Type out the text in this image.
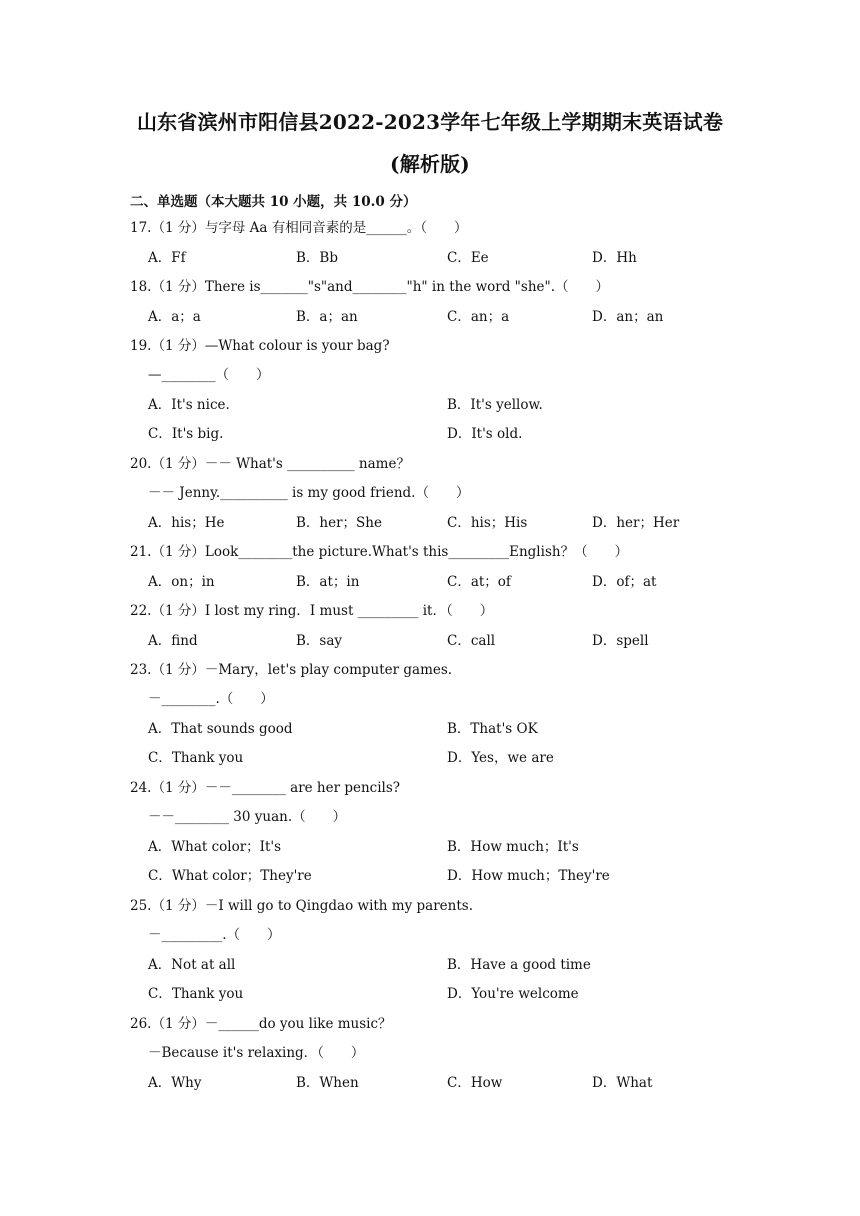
山东省滨州市阳信县2022-2023学年七年级上学期期末英语试卷
(解析版)
二、单选题（本大题共 10 小题，共 10.0 分）
17.（1 分）与字母 Aa 有相同音素的是______。（　　）
A．Ff	B．Bb	C．Ee	D．Hh
18.（1 分）There is_______"s"and________"h" in the word "she".（　　）
A．a；a	B．a；an	C．an；a	D．an；an
19.（1 分）—What colour is your bag?
—________（　　）
A．It's nice.	B．It's yellow.
C．It's big.	D．It's old.
20.（1 分）－－ What's __________ name？
－－ Jenny.__________ is my good friend.（　　）
A．his；He	B．her；She	C．his；His	D．her；Her
21.（1 分）Look________the picture.What's this_________English？（　　）
A．on；in	B．at；in	C．at；of	D．of；at
22.（1 分）I lost my ring．I must _________ it．（　　）
A．find	B．say	C．call	D．spell
23.（1 分）－Mary，let's play computer games.
－________.（　　）
A．That sounds good	B．That's OK
C．Thank you	D．Yes，we are
24.（1 分）－－________ are her pencils?
－－________ 30 yuan.（　　）
A．What color；It's	B．How much；It's
C．What color；They're	D．How much；They're
25.（1 分）－I will go to Qingdao with my parents.
－_________.（　　）
A．Not at all	B．Have a good time
C．Thank you	D．You're welcome
26.（1 分）－______do you like music？
－Because it's relaxing．（　　）
A．Why	B．When	C．How	D．What
